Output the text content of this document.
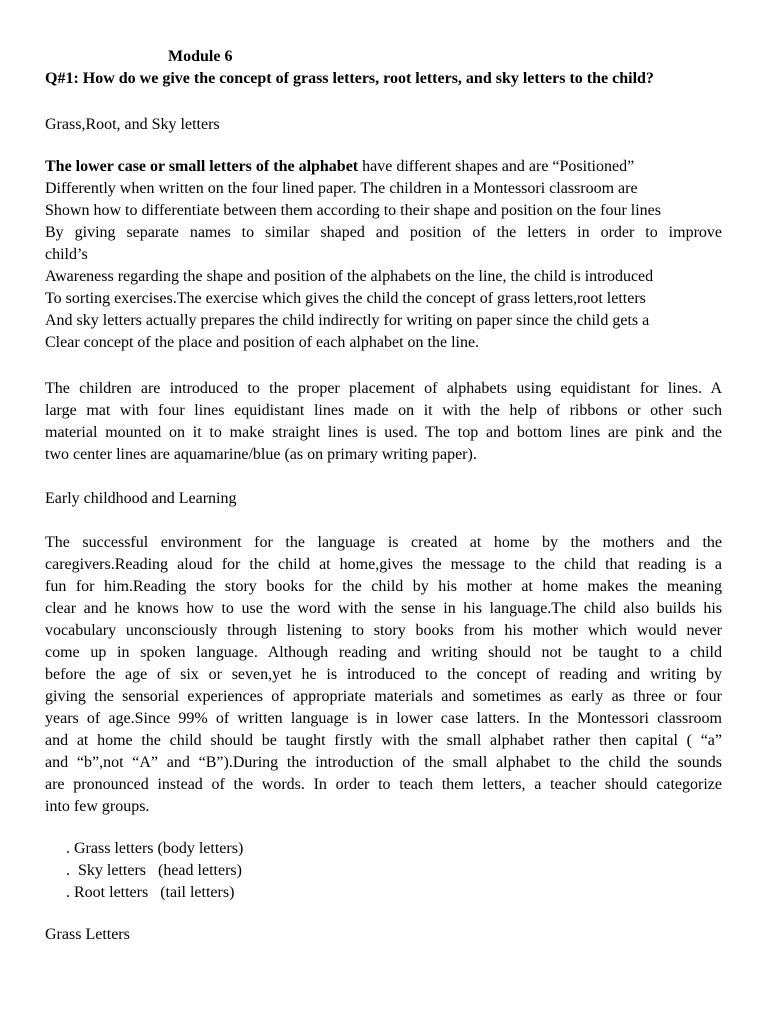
Module 6
Q#1: How do we give the concept of grass letters, root letters, and sky letters to the child?
Grass,Root, and Sky letters
The lower case or small letters of the alphabet have different shapes and are “Positioned”
Differently when written on the four lined paper. The children in a Montessori classroom are
Shown how to differentiate between them according to their shape and position on the four lines
By giving separate names to similar shaped and position of the letters in order to improve
child’s
Awareness regarding the shape and position of the alphabets on the line, the child is introduced
To sorting exercises.The exercise which gives the child the concept of grass letters,root letters
And sky letters actually prepares the child indirectly for writing on paper since the child gets a
Clear concept of the place and position of each alphabet on the line.
The children are introduced to the proper placement of alphabets using equidistant for lines. A
large mat with four lines equidistant lines made on it with the help of ribbons or other such
material mounted on it to make straight lines is used. The top and bottom lines are pink and the
two center lines are aquamarine/blue (as on primary writing paper).
Early childhood and Learning
The successful environment for the language is created at home by the mothers and the
caregivers.Reading aloud for the child at home,gives the message to the child that reading is a
fun for him.Reading the story books for the child by his mother at home makes the meaning
clear and he knows how to use the word with the sense in his language.The child also builds his
vocabulary unconsciously through listening to story books from his mother which would never
come up in spoken language. Although reading and writing should not be taught to a child
before the age of six or seven,yet he is introduced to the concept of reading and writing by
giving the sensorial experiences of appropriate materials and sometimes as early as three or four
years of age.Since 99% of written language is in lower case latters. In the Montessori classroom
and at home the child should be taught firstly with the small alphabet rather then capital ( “a”
and “b”,not “A” and “B”).During the introduction of the small alphabet to the child the sounds
are pronounced instead of the words. In order to teach them letters, a teacher should categorize
into few groups.
. Grass letters (body letters)
.  Sky letters   (head letters)
. Root letters   (tail letters)
Grass Letters
